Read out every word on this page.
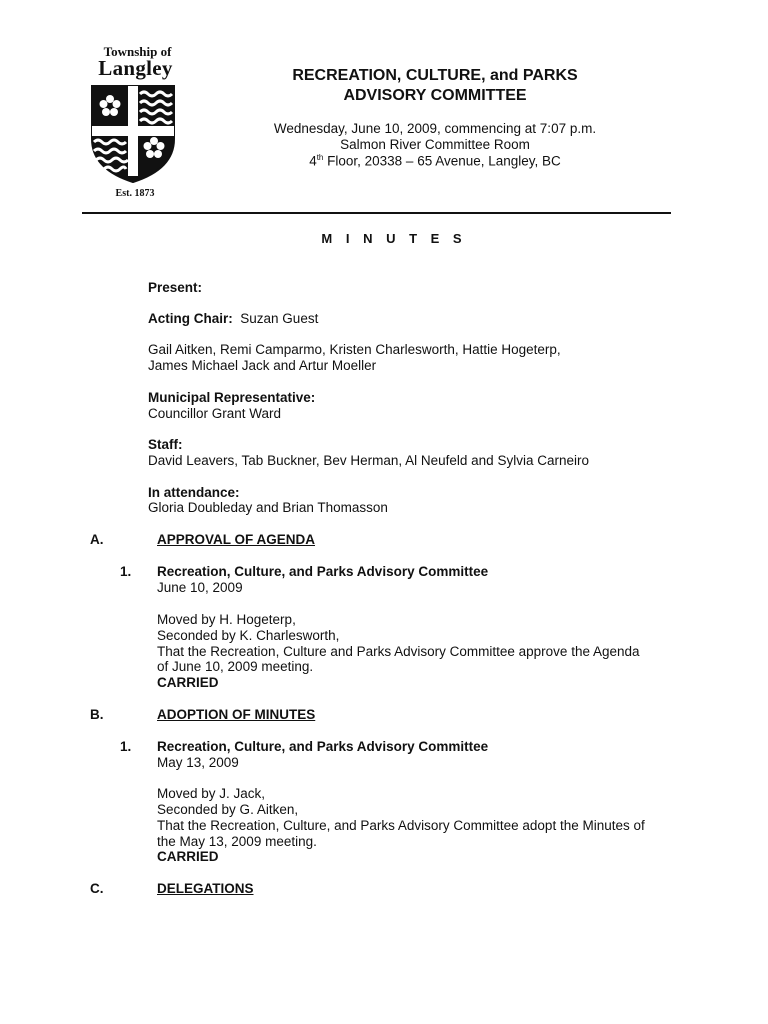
Township of
Langley
Est. 1873
RECREATION, CULTURE, and PARKS
ADVISORY COMMITTEE
Wednesday, June 10, 2009, commencing at 7:07 p.m.
Salmon River Committee Room
4th Floor, 20338 – 65 Avenue, Langley, BC
M I N U T E S
Present:
Acting Chair: Suzan Guest
Gail Aitken, Remi Camparmo, Kristen Charlesworth, Hattie Hogeterp,
James Michael Jack and Artur Moeller
Municipal Representative:
Councillor Grant Ward
Staff:
David Leavers, Tab Buckner, Bev Herman, Al Neufeld and Sylvia Carneiro
In attendance:
Gloria Doubleday and Brian Thomasson
A.	APPROVAL OF AGENDA
1. Recreation, Culture, and Parks Advisory Committee
June 10, 2009
Moved by H. Hogeterp,
Seconded by K. Charlesworth,
That the Recreation, Culture and Parks Advisory Committee approve the Agenda
of June 10, 2009 meeting.
CARRIED
B.	ADOPTION OF MINUTES
1. Recreation, Culture, and Parks Advisory Committee
May 13, 2009
Moved by J. Jack,
Seconded by G. Aitken,
That the Recreation, Culture, and Parks Advisory Committee adopt the Minutes of
the May 13, 2009 meeting.
CARRIED
C.	DELEGATIONS
